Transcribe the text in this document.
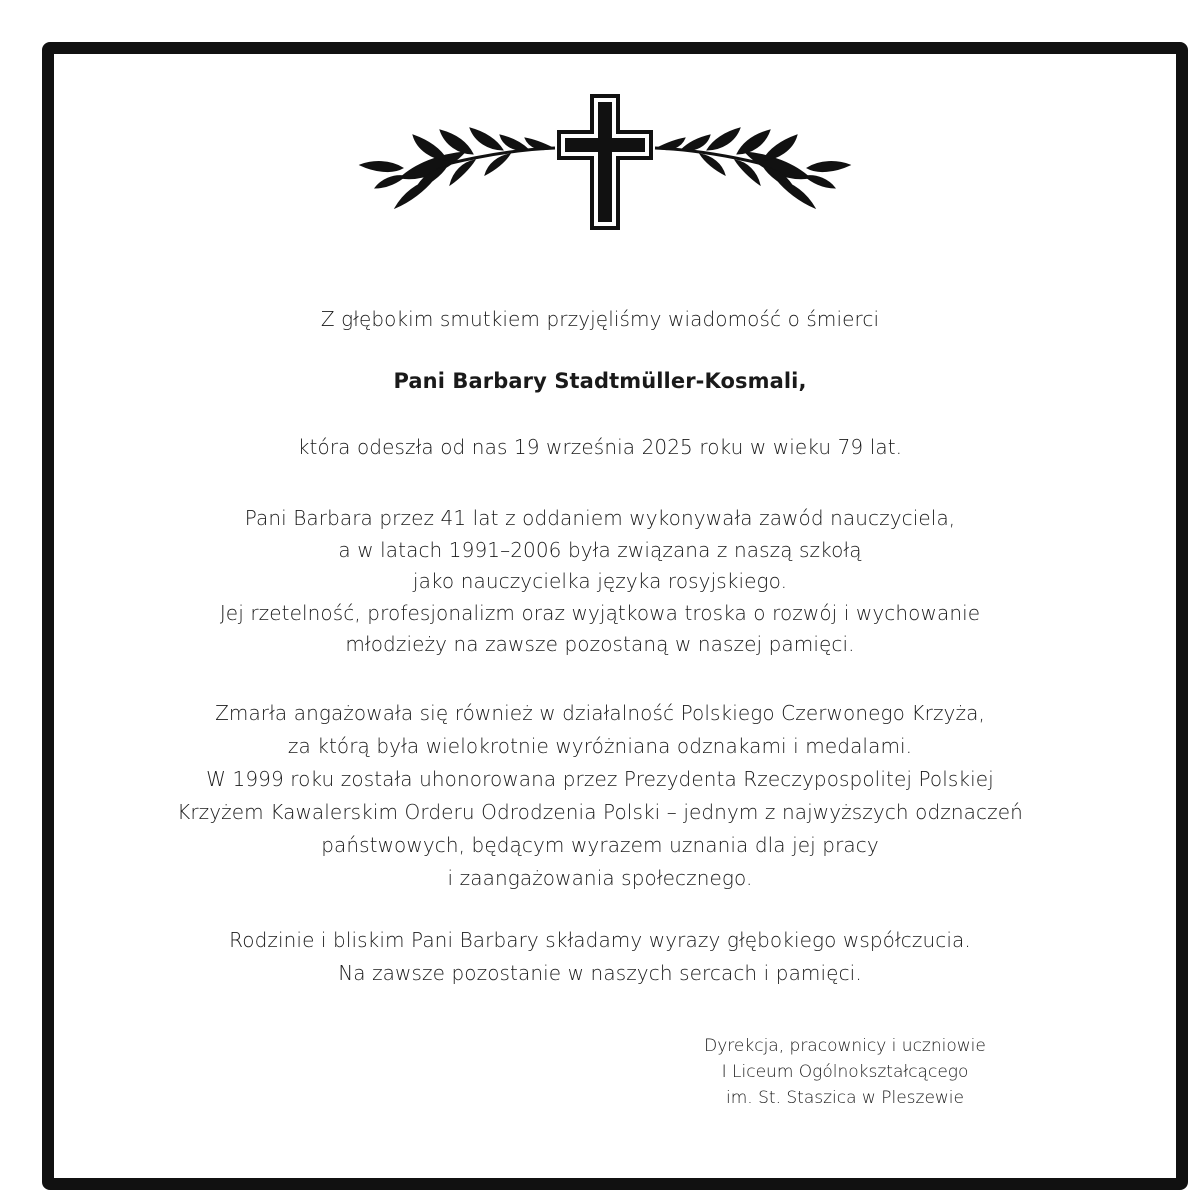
Z głębokim smutkiem przyjęliśmy wiadomość o śmierci
Pani Barbary Stadtmüller-Kosmali,
która odeszła od nas 19 września 2025 roku w wieku 79 lat.
Pani Barbara przez 41 lat z oddaniem wykonywała zawód nauczyciela,
a w latach 1991–2006 była związana z naszą szkołą
jako nauczycielka języka rosyjskiego.
Jej rzetelność, profesjonalizm oraz wyjątkowa troska o rozwój i wychowanie
młodzieży na zawsze pozostaną w naszej pamięci.
Zmarła angażowała się również w działalność Polskiego Czerwonego Krzyża,
za którą była wielokrotnie wyróżniana odznakami i medalami.
W 1999 roku została uhonorowana przez Prezydenta Rzeczypospolitej Polskiej
Krzyżem Kawalerskim Orderu Odrodzenia Polski – jednym z najwyższych odznaczeń
państwowych, będącym wyrazem uznania dla jej pracy
i zaangażowania społecznego.
Rodzinie i bliskim Pani Barbary składamy wyrazy głębokiego współczucia.
Na zawsze pozostanie w naszych sercach i pamięci.
Dyrekcja, pracownicy i uczniowie
I Liceum Ogólnokształcącego
im. St. Staszica w Pleszewie
